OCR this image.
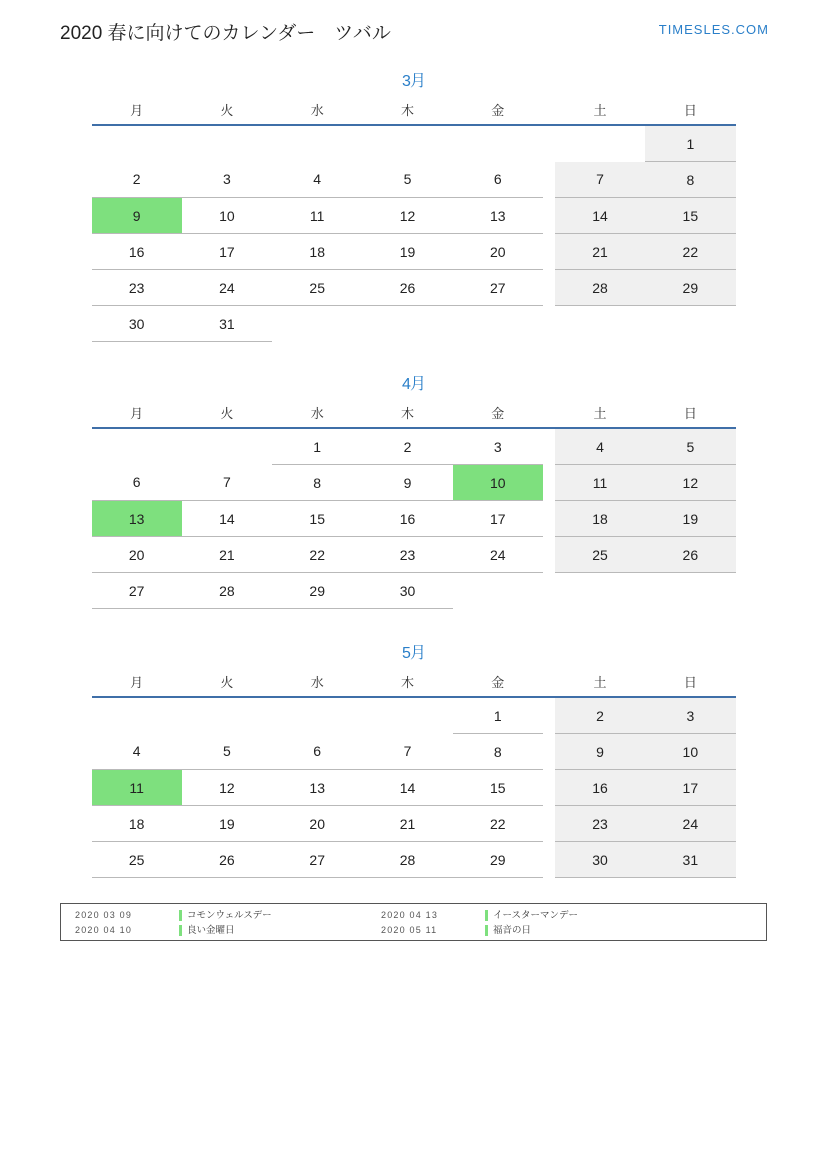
2020 春に向けてのカレンダー　ツバル	TIMESLES.COM
3月
月	火	水	木	金		土	日
							1
2	3	4	5	6		7	8
9	10	11	12	13		14	15
16	17	18	19	20		21	22
23	24	25	26	27		28	29
30	31						
4月
月	火	水	木	金		土	日
		1	2	3		4	5
6	7	8	9	10		11	12
13	14	15	16	17		18	19
20	21	22	23	24		25	26
27	28	29	30				
5月
月	火	水	木	金		土	日
				1		2	3
4	5	6	7	8		9	10
11	12	13	14	15		16	17
18	19	20	21	22		23	24
25	26	27	28	29		30	31
2020 03 09	コモンウェルスデー	2020 04 13	イースターマンデー
2020 04 10	良い金曜日	2020 05 11	福音の日
